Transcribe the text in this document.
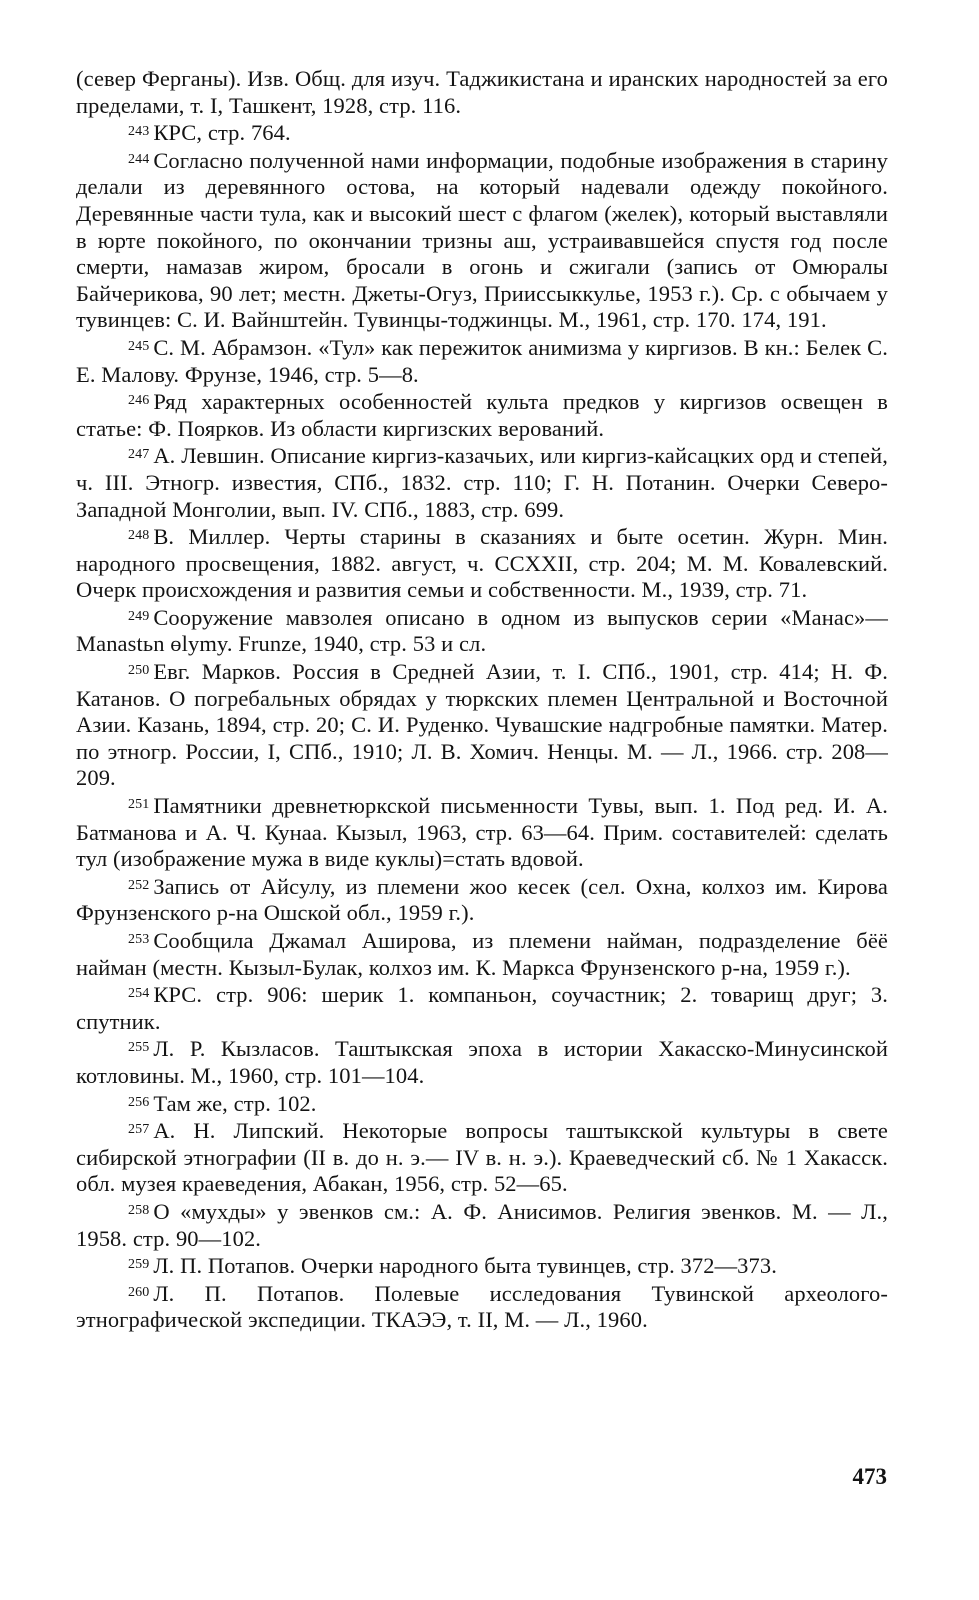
(север Ферганы). Изв. Общ. для изуч. Таджикистана и иранских народностей за его пределами, т. I, Ташкент, 1928, стр. 116.

$^{243}$ КРС, стр. 764.

$^{244}$ Согласно полученной нами информации, подобные изображения в старину делали из деревянного остова, на который надевали одежду покойного. Деревянные части тула, как и высокий шест с флагом (желек), который выставляли в юрте покойного, по окончании тризны аш, устраивавшейся спустя год после смерти, намазав жиром, бросали в огонь и сжигали (запись от Омюралы Байчерикова, 90 лет; местн. Джеты-Огуз, Прииссыккулье, 1953 г.). Ср. с обычаем у тувинцев: С. И. Вайнштейн. Тувинцы-тоджинцы. М., 1961, стр. 170. 174, 191.

$^{245}$ С. М. Абрамзон. «Тул» как пережиток анимизма у киргизов. В кн.: Белек С. Е. Малову. Фрунзе, 1946, стр. 5—8.

$^{246}$ Ряд характерных особенностей культа предков у киргизов освещен в статье: Ф. Поярков. Из области киргизских верований.

$^{247}$ А. Левшин. Описание киргиз-казачьих, или киргиз-кайсацких орд и степей, ч. III. Этногр. известия, СПб., 1832. стр. 110; Г. Н. Потанин. Очерки Северо-Западной Монголии, вып. IV. СПб., 1883, стр. 699.

$^{248}$ В. Миллер. Черты старины в сказаниях и быте осетин. Журн. Мин. народного просвещения, 1882. август, ч. CCXXII, стр. 204; М. М. Ковалевский. Очерк происхождения и развития семьи и собственности. М., 1939, стр. 71.

$^{249}$ Сооружение мавзолея описано в одном из выпусков серии «Манас»— Manastьn өlymy. Frunze, 1940, стр. 53 и сл.

$^{250}$ Евг. Марков. Россия в Средней Азии, т. I. СПб., 1901, стр. 414; Н. Ф. Катанов. О погребальных обрядах у тюркских племен Центральной и Восточной Азии. Казань, 1894, стр. 20; С. И. Руденко. Чувашские надгробные памятки. Матер. по этногр. России, I, СПб., 1910; Л. В. Хомич. Ненцы. М. — Л., 1966. стр. 208—209.

$^{251}$ Памятники древнетюркской письменности Тувы, вып. 1. Под ред. И. А. Батманова и А. Ч. Кунаа. Кызыл, 1963, стр. 63—64. Прим. составителей: сделать тул (изображение мужа в виде куклы)=стать вдовой.

$^{252}$ Запись от Айсулу, из племени жоо кесек (сел. Охна, колхоз им. Кирова Фрунзенского р-на Ошской обл., 1959 г.).

$^{253}$ Сообщила Джамал Аширова, из племени найман, подразделение бёё найман (местн. Кызыл-Булак, колхоз им. К. Маркса Фрунзенского р-на, 1959 г.).

$^{254}$ КРС. стр. 906: шерик 1. компаньон, соучастник; 2. товарищ друг; 3. спутник.

$^{255}$ Л. Р. Кызласов. Таштыкская эпоха в истории Хакасско-Минусинской котловины. М., 1960, стр. 101—104.

$^{256}$ Там же, стр. 102.

$^{257}$ А. Н. Липский. Некоторые вопросы таштыкской культуры в свете сибирской этнографии (II в. до н. э.— IV в. н. э.). Краеведческий сб. № 1 Хакасск. обл. музея краеведения, Абакан, 1956, стр. 52—65.

$^{258}$ О «мухды» у эвенков см.: А. Ф. Анисимов. Религия эвенков. М. — Л., 1958. стр. 90—102.

$^{259}$ Л. П. Потапов. Очерки народного быта тувинцев, стр. 372—373.

$^{260}$ Л. П. Потапов. Полевые исследования Тувинской археолого-этнографической экспедиции. ТКАЭЭ, т. II, М. — Л., 1960.

473
